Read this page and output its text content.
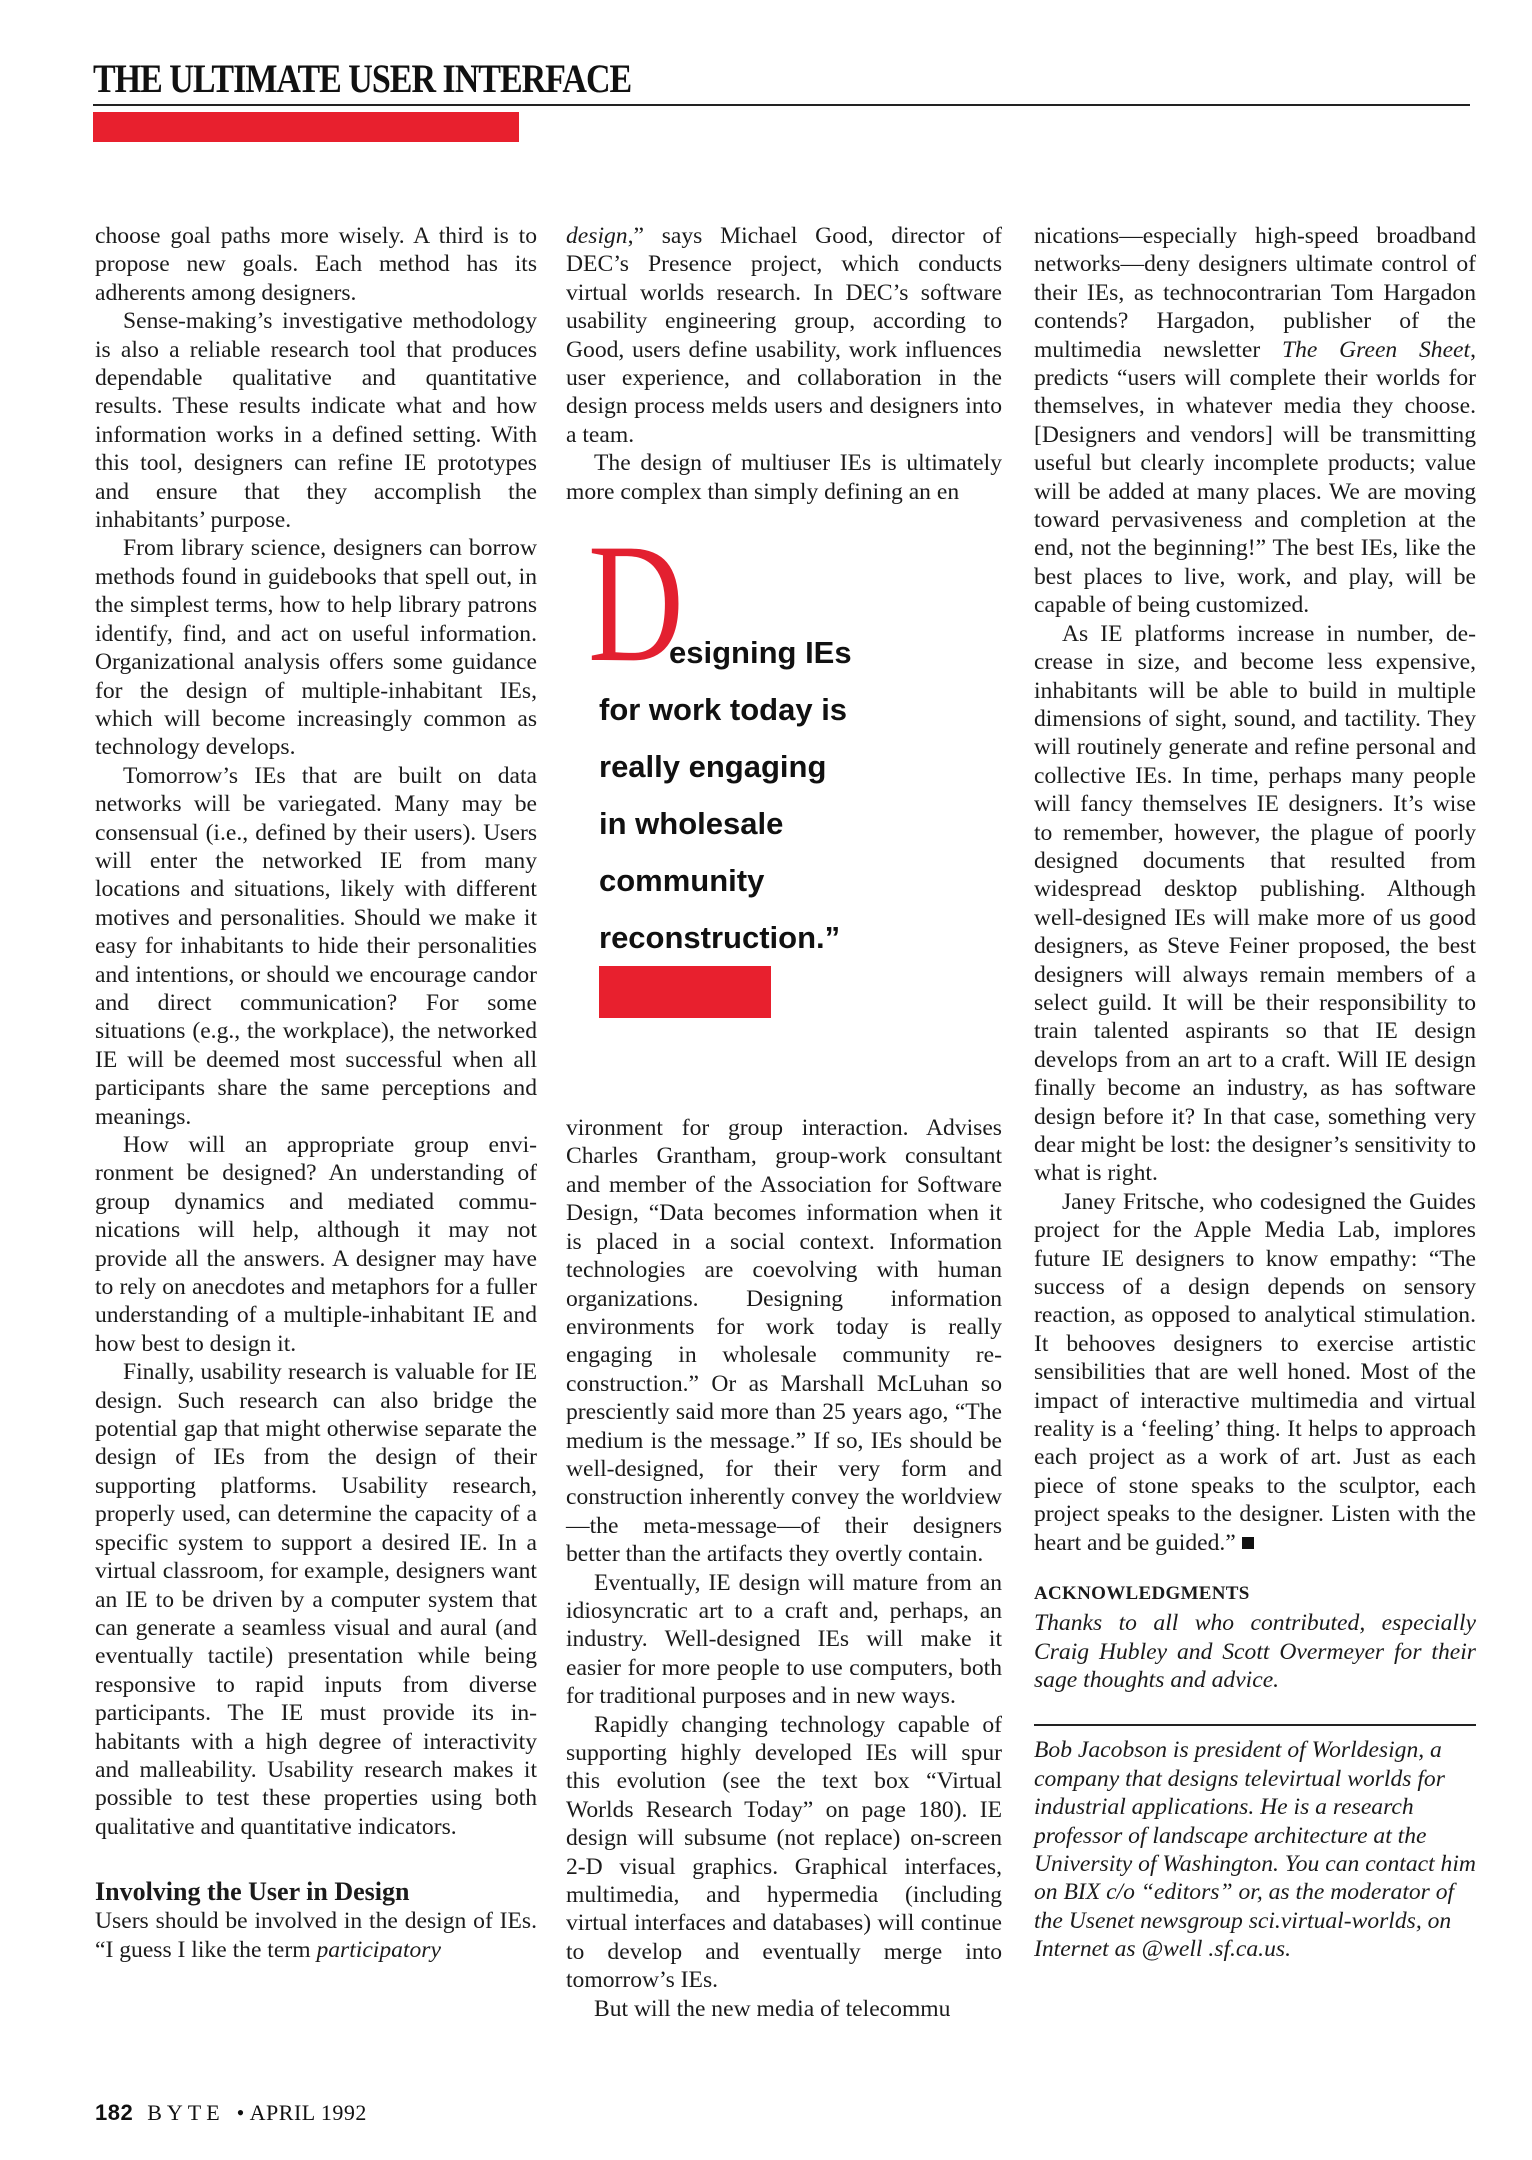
THE ULTIMATE USER INTERFACE

choose goal paths more wisely. A third is to propose new goals. Each method has its adherents among designers.

Sense-making’s investigative methodology is also a reliable research tool that produces dependable qualitative and quantitative results. These results indicate what and how information works in a defined setting. With this tool, designers can refine IE prototypes and ensure that they accomplish the inhabitants’ purpose.

From library science, designers can borrow methods found in guidebooks that spell out, in the simplest terms, how to help library patrons identify, find, and act on useful information. Organizational analysis offers some guidance for the design of multiple-inhabitant IEs, which will become increasingly common as technology develops.

Tomorrow’s IEs that are built on data networks will be variegated. Many may be consensual (i.e., defined by their users). Users will enter the networked IE from many locations and situations, likely with different motives and personalities. Should we make it easy for inhabitants to hide their personalities and intentions, or should we encourage candor and direct communication? For some situations (e.g., the workplace), the networked IE will be deemed most successful when all participants share the same perceptions and meanings.

How will an appropriate group environment be designed? An understanding of group dynamics and mediated communications will help, although it may not provide all the answers. A designer may have to rely on anecdotes and metaphors for a fuller understanding of a multiple-inhabitant IE and how best to design it.

Finally, usability research is valuable for IE design. Such research can also bridge the potential gap that might otherwise separate the design of IEs from the design of their supporting platforms. Usability research, properly used, can determine the capacity of a specific system to support a desired IE. In a virtual classroom, for example, designers want an IE to be driven by a computer system that can generate a seamless visual and aural (and eventually tactile) presentation while being responsive to rapid inputs from diverse participants. The IE must provide its inhabitants with a high degree of interactivity and malleability. Usability research makes it possible to test these properties using both qualitative and quantitative indicators.

Involving the User in Design

Users should be involved in the design of IEs. “I guess I like the term participatory

design,” says Michael Good, director of DEC’s Presence project, which conducts virtual worlds research. In DEC’s software usability engineering group, according to Good, users define usability, work influences user experience, and collaboration in the design process melds users and designers into a team.

The design of multiuser IEs is ultimately more complex than simply defining an en

D
esigning IEs
for work today is
really engaging
in wholesale
community
reconstruction.”

vironment for group interaction. Advises Charles Grantham, group-work consultant and member of the Association for Software Design, “Data becomes information when it is placed in a social context. Information technologies are coevolving with human organizations. Designing information environments for work today is really engaging in wholesale community reconstruction.” Or as Marshall McLuhan so presciently said more than 25 years ago, “The medium is the message.” If so, IEs should be well-designed, for their very form and construction inherently convey the worldview—the meta-message—of their designers better than the artifacts they overtly contain.

Eventually, IE design will mature from an idiosyncratic art to a craft and, perhaps, an industry. Well-designed IEs will make it easier for more people to use computers, both for traditional purposes and in new ways.

Rapidly changing technology capable of supporting highly developed IEs will spur this evolution (see the text box “Virtual Worlds Research Today” on page 180). IE design will subsume (not replace) on-screen 2-D visual graphics. Graphical interfaces, multimedia, and hypermedia (including virtual interfaces and databases) will continue to develop and eventually merge into tomorrow’s IEs.

But will the new media of telecommu

nications—especially high-speed broadband networks—deny designers ultimate control of their IEs, as technocontrarian Tom Hargadon contends? Hargadon, publisher of the multimedia newsletter The Green Sheet, predicts “users will complete their worlds for themselves, in whatever media they choose. [Designers and vendors] will be transmitting useful but clearly incomplete products; value will be added at many places. We are moving toward pervasiveness and completion at the end, not the beginning!” The best IEs, like the best places to live, work, and play, will be capable of being customized.

As IE platforms increase in number, decrease in size, and become less expensive, inhabitants will be able to build in multiple dimensions of sight, sound, and tactility. They will routinely generate and refine personal and collective IEs. In time, perhaps many people will fancy themselves IE designers. It’s wise to remember, however, the plague of poorly designed documents that resulted from widespread desktop publishing. Although well-designed IEs will make more of us good designers, as Steve Feiner proposed, the best designers will always remain members of a select guild. It will be their responsibility to train talented aspirants so that IE design develops from an art to a craft. Will IE design finally become an industry, as has software design before it? In that case, something very dear might be lost: the designer’s sensitivity to what is right.

Janey Fritsche, who codesigned the Guides project for the Apple Media Lab, implores future IE designers to know empathy: “The success of a design depends on sensory reaction, as opposed to analytical stimulation. It behooves designers to exercise artistic sensibilities that are well honed. Most of the impact of interactive multimedia and virtual reality is a ‘feeling’ thing. It helps to approach each project as a work of art. Just as each piece of stone speaks to the sculptor, each project speaks to the designer. Listen with the heart and be guided.”

ACKNOWLEDGMENTS

Thanks to all who contributed, especially Craig Hubley and Scott Overmeyer for their sage thoughts and advice.

Bob Jacobson is president of Worldesign, a company that designs televirtual worlds for industrial applications. He is a research professor of landscape architecture at the University of Washington. You can contact him on BIX c/o “editors” or, as the moderator of the Usenet newsgroup sci.virtual-worlds, on Internet as @well .sf.ca.us.

182 BYTE • APRIL 1992
